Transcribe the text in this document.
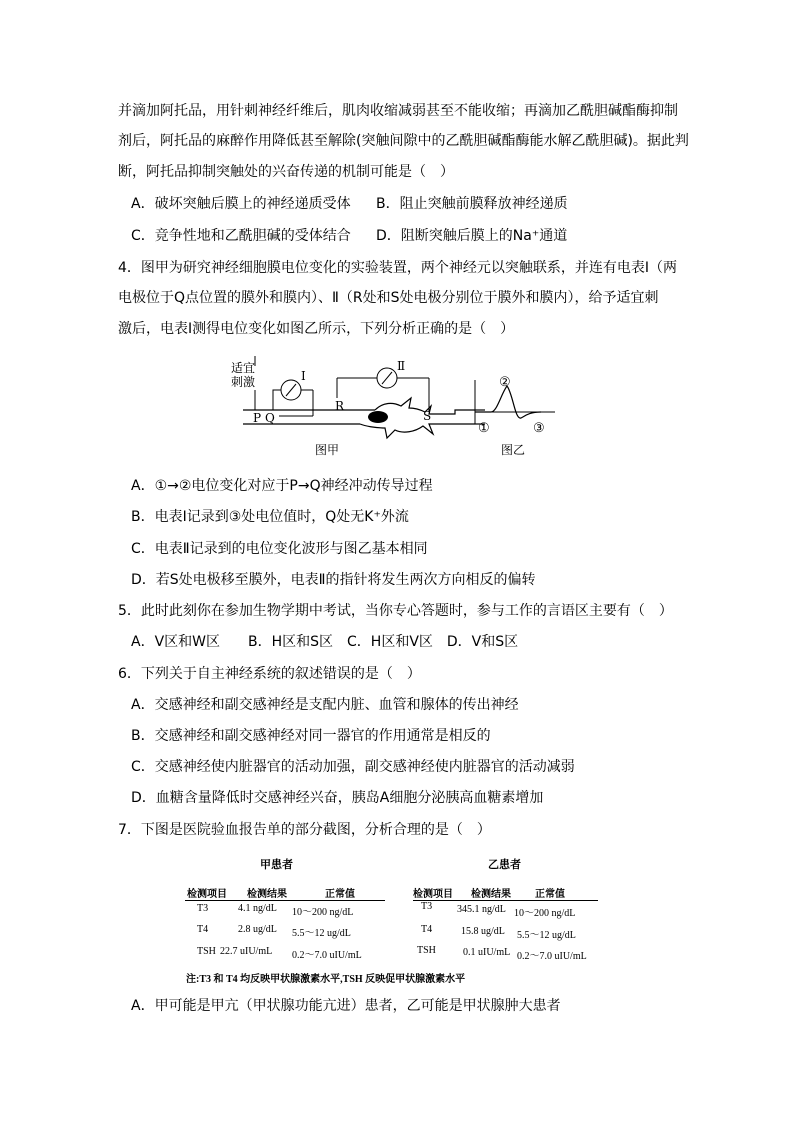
并滴加阿托品，用针刺神经纤维后，肌肉收缩减弱甚至不能收缩；再滴加乙酰胆碱酯酶抑制
剂后，阿托品的麻醉作用降低甚至解除(突触间隙中的乙酰胆碱酯酶能水解乙酰胆碱)。据此判
断，阿托品抑制突触处的兴奋传递的机制可能是（　）
A．破坏突触后膜上的神经递质受体 B．阻止突触前膜释放神经递质
C．竞争性地和乙酰胆碱的受体结合 D．阻断突触后膜上的Na⁺通道
4．图甲为研究神经细胞膜电位变化的实验装置，两个神经元以突触联系，并连有电表Ⅰ（两
电极位于Q点位置的膜外和膜内）、Ⅱ（R处和S处电极分别位于膜外和膜内），给予适宜刺
激后，电表Ⅰ测得电位变化如图乙所示，下列分析正确的是（　）
适宜
刺激
P Q
R
S
Ⅰ
Ⅱ
图甲
①
②
③
图乙
A．①→②电位变化对应于P→Q神经冲动传导过程
B．电表Ⅰ记录到③处电位值时，Q处无K⁺外流
C．电表Ⅱ记录到的电位变化波形与图乙基本相同
D．若S处电极移至膜外，电表Ⅱ的指针将发生两次方向相反的偏转
5．此时此刻你在参加生物学期中考试，当你专心答题时，参与工作的言语区主要有（　）
A．V区和W区　　B．H区和S区　C．H区和V区　D．V和S区
6．下列关于自主神经系统的叙述错误的是（　）
A．交感神经和副交感神经是支配内脏、血管和腺体的传出神经
B．交感神经和副交感神经对同一器官的作用通常是相反的
C．交感神经使内脏器官的活动加强，副交感神经使内脏器官的活动减弱
D．血糖含量降低时交感神经兴奋，胰岛A细胞分泌胰高血糖素增加
7．下图是医院验血报告单的部分截图，分析合理的是（　）
甲患者
检测项目 检测结果	正常值
T3	4.1 ng/dL 10～200 ng/dL
T4	2.8 ug/dL 5.5～12 ug/dL
TSH 22.7 uIU/mL 0.2～7.0 uIU/mL
乙患者
检测项目 检测结果 正常值
T3 345.1 ng/dL 10～200 ng/dL
T4	15.8 ug/dL 5.5～12 ug/dL
TSH	0.1 uIU/mL 0.2～7.0 uIU/mL
注:T3 和 T4 均反映甲状腺激素水平,TSH 反映促甲状腺激素水平
A．甲可能是甲亢（甲状腺功能亢进）患者，乙可能是甲状腺肿大患者
